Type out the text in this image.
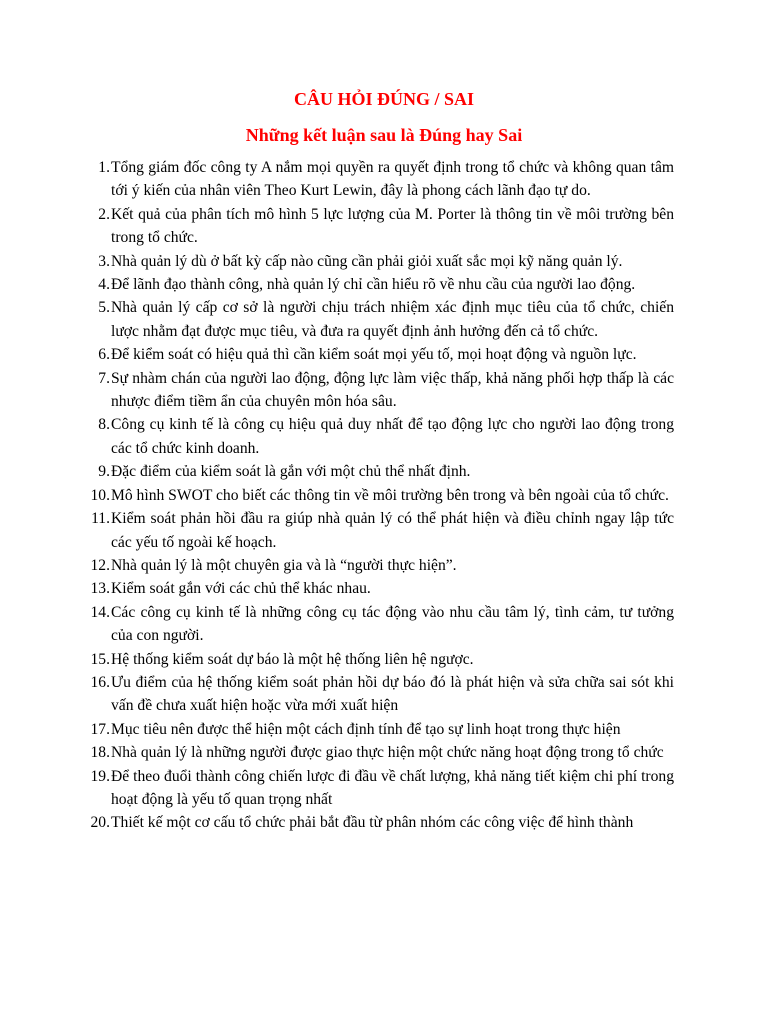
CÂU HỎI ĐÚNG / SAI
Những kết luận sau là Đúng hay Sai
1. Tổng giám đốc công ty A nắm mọi quyền ra quyết định trong tổ chức và không quan tâm tới ý kiến của nhân viên Theo Kurt Lewin, đây là phong cách lãnh đạo tự do.
2. Kết quả của phân tích mô hình 5 lực lượng của M. Porter là thông tin về môi trường bên trong tổ chức.
3. Nhà quản lý dù ở bất kỳ cấp nào cũng cần phải giỏi xuất sắc mọi kỹ năng quản lý.
4. Để lãnh đạo thành công, nhà quản lý chỉ cần hiểu rõ về nhu cầu của người lao động.
5. Nhà quản lý cấp cơ sở là người chịu trách nhiệm xác định mục tiêu của tổ chức, chiến lược nhằm đạt được mục tiêu, và đưa ra quyết định ảnh hưởng đến cả tổ chức.
6. Để kiểm soát có hiệu quả thì cần kiểm soát mọi yếu tố, mọi hoạt động và nguồn lực.
7. Sự nhàm chán của người lao động, động lực làm việc thấp, khả năng phối hợp thấp là các nhược điểm tiềm ẩn của chuyên môn hóa sâu.
8. Công cụ kinh tế là công cụ hiệu quả duy nhất để tạo động lực cho người lao động trong các tổ chức kinh doanh.
9. Đặc điểm của kiểm soát là gắn với một chủ thể nhất định.
10. Mô hình SWOT cho biết các thông tin về môi trường bên trong và bên ngoài của tổ chức.
11. Kiểm soát phản hồi đầu ra giúp nhà quản lý có thể phát hiện và điều chỉnh ngay lập tức các yếu tố ngoài kế hoạch.
12. Nhà quản lý là một chuyên gia và là “người thực hiện”.
13. Kiểm soát gắn với các chủ thể khác nhau.
14. Các công cụ kinh tế là những công cụ tác động vào nhu cầu tâm lý, tình cảm, tư tưởng của con người.
15. Hệ thống kiểm soát dự báo là một hệ thống liên hệ ngược.
16. Ưu điểm của hệ thống kiểm soát phản hồi dự báo đó là phát hiện và sửa chữa sai sót khi vấn đề chưa xuất hiện hoặc vừa mới xuất hiện
17. Mục tiêu nên được thể hiện một cách định tính để tạo sự linh hoạt trong thực hiện
18. Nhà quản lý là những người được giao thực hiện một chức năng hoạt động trong tổ chức
19. Để theo đuổi thành công chiến lược đi đầu về chất lượng, khả năng tiết kiệm chi phí trong hoạt động là yếu tố quan trọng nhất
20. Thiết kế một cơ cấu tổ chức phải bắt đầu từ phân nhóm các công việc để hình thành
